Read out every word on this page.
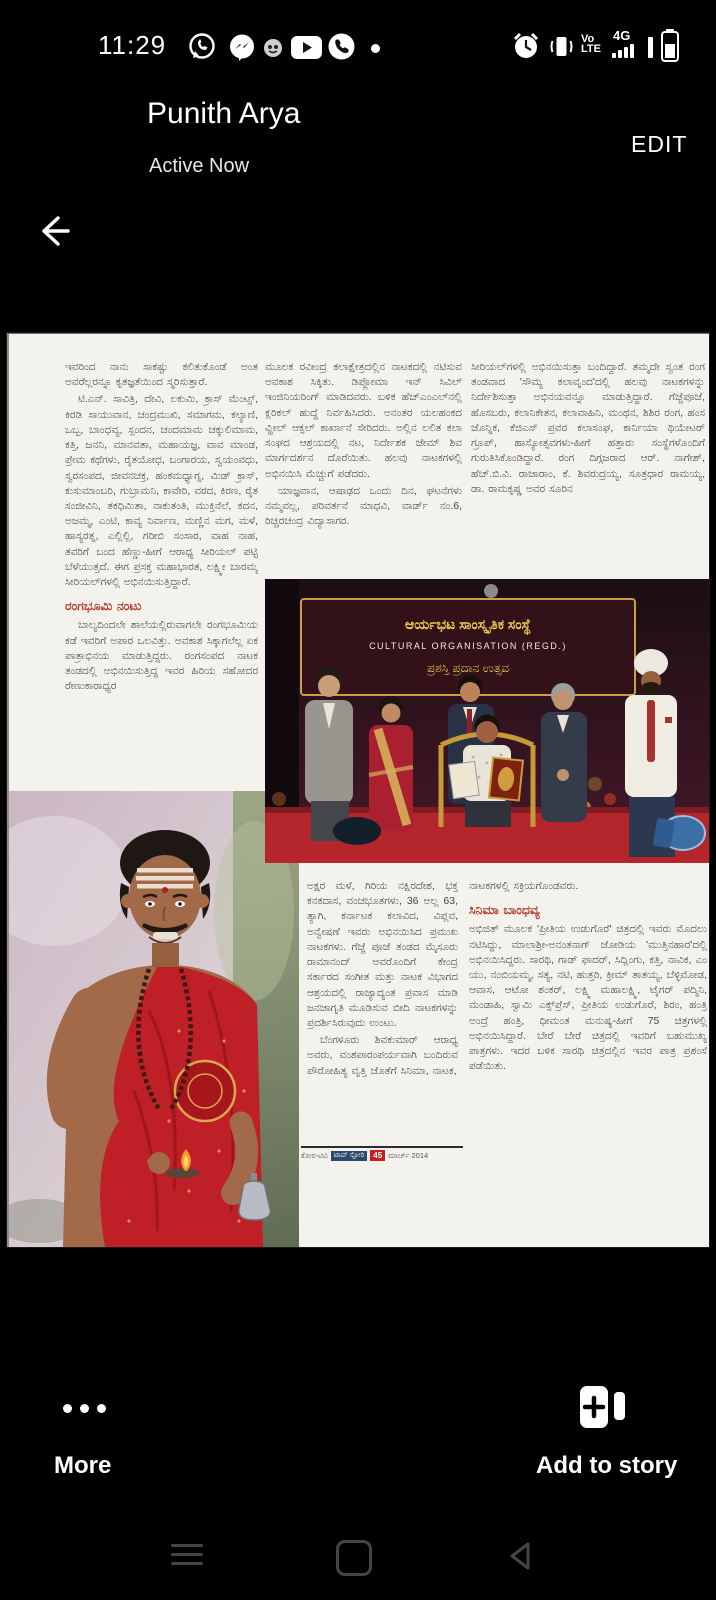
11:29	Vo
LTE
4G
Punith Arya
Active Now
EDIT

ಇವರಿಂದ ನಾನು ಸಾಕಷ್ಟು ಕಲಿತುಕೊಂಡೆ ಅಂತ ಅವರೆಲ್ಲರನ್ನೂ ಕೃತಜ್ಞತೆಯಿಂದ ಸ್ಮರಿಸುತ್ತಾರೆ.

ಟಿ.ಎನ್. ಸಾವಿತ್ರಿ, ದೇವಿ, ಲಕುಮಿ, ಕ್ರಾಸ್ ಮೆಂಟ್ಸ್, ಕಿರಡಿ ಸಾಯುವಾನ, ಚಂದ್ರಮುಖಿ, ಸಮಾಗಮ, ಕಲ್ಯಾಣಿ, ಒಬ್ಬ, ಬಾಂಧವ್ಯ, ಸ್ಪಂದನ, ಚಂದಮಾಮ ಚಕ್ಕುಲಿಮಾಮ, ಕತ್ತಿ, ಜನನಿ, ಮಾನವತಾ, ಮಹಾಯಜ್ಞ, ವಾವ ಮಾಂಡ, ಪ್ರೇಮ ಕಥೆಗಳು, ರೈತಯೋಧ, ಬಂಗಾರಯ, ಸ್ವಯಂವಧು, ಸ್ವರಸಂಪದ, ಜೀವನಚಕ್ರ, ಹಂಕಮಧ್ಯಾಗ್ನ, ಮಿಡ್ ಕ್ರಾಸ್, ಕುಸುಮಾಂಬರಿ, ಗುಬ್ರಾಮನಿ, ಕಾವೇರಿ, ವರದ, ಕಿರಣ, ರೈತ ಸಂಜೀವಿನಿ, ತಕಧಿಮಿತಾ, ನಾಕುತಂತಿ, ಮುಕ್ತಿನೆಲೆ, ಕದನ, ಅಜಮ್ಮ, ಎಂಟಿ, ಕಾವ್ಯ ನಿರ್ವಾಣ, ಮಣ್ಣಿನ ಮಗ, ಮಳೆ, ಹಾಸ್ಯರತ್ನ, ಎಲ್ಲಿಲ್ಲಿ, ಗರೀಬಿ ಸಂಸಾರ, ವಾಹ ನಾಹ, ತವರಿಗೆ ಬಂದ ಹೆಣ್ಣು-ಹೀಗೆ ಆರಾಧ್ಯ ಸೀರಿಯಲ್ ಪಟ್ಟಿ ಬೆಳೆಯುತ್ತದೆ. ಈಗ ಪ್ರಸಕ್ತ ಮಹಾಭಾರತ, ಲಕ್ಷ್ಮೀ ಬಾರಮ್ಮ ಸೀರಿಯಲ್‌ಗಳಲ್ಲಿ ಅಭಿನಯಿಸುತ್ತಿದ್ದಾರೆ.

ರಂಗಭೂಮಿ ನಂಟು

ಬಾಲ್ಯದಿಂದಲೇ ಶಾಲೆಯಲ್ಲಿರುವಾಗಲೇ ರಂಗಭೂಮಿಯ ಕಡೆ ಇವರಿಗೆ ಅಪಾರ ಒಲವಿತ್ತು. ಅವಕಾಶ ಸಿಕ್ಕಾಗಲೆಲ್ಲ ಏಕ ಪಾತ್ರಾಭಿನಯ ಮಾಡುತ್ತಿದ್ದರು. ರಂಗಸಂಪದ ನಾಟಕ ತಂಡದಲ್ಲಿ ಅಭಿನಯಿಸುತ್ತಿದ್ದ ಇವರ ಹಿರಿಯ ಸಹೋದರ ರೇಣುಕಾರಾಧ್ಯರ

ಮೂಲಕ ರವೀಂದ್ರ ಕಲಾಕ್ಷೇತ್ರದಲ್ಲಿನ ನಾಟಕದಲ್ಲಿ ನಟಿಸುವ ಅವಕಾಶ ಸಿಕ್ಕಿತು. ಡಿಪ್ಲೋಮಾ ಇನ್ ಸಿವಿಲ್ ಇಂಜಿನಿಯರಿಂಗ್ ಮಾಡಿದವರು. ಬಳಿಕ ಹೆಚ್‌ಎಂಎಲ್‌ನಲ್ಲಿ ಕ್ಲರಿಕಲ್ ಹುದ್ದೆ ನಿರ್ವಹಿಸಿದರು. ಅನಂತರ ಯಲಹಂಕದ ವ್ಹೀಲ್ ಆಕ್ಸಲ್ ಕಾರ್ಖಾನೆ ಸೇರಿದರು. ಅಲ್ಲಿನ ಲಲಿತ ಕಲಾ ಸಂಘದ ಆಶ್ರಯದಲ್ಲಿ ನಟ, ನಿರ್ದೇಶಕ ಜೇಮ್ ಶಿವ ಮಾರ್ಗದರ್ಶನ ದೊರೆಯಿತು. ಹಲವು ನಾಟಕಗಳಲ್ಲಿ ಅಭಿನಯಿಸಿ ಮೆಚ್ಚುಗೆ ಪಡೆದರು.

ಯಾಜ್ಞವಾನ, ಆಷಾಢದ ಒಂದು ದಿನ, ಘಟನೆಗಳು ನಮ್ಮವಲ್ಲ, ಪರಿವರ್ತನೆ ಮಾಧವಿ, ವಾರ್ಡ್ ನಂ.6, ರಿಚ್ಚರಚಂದ್ರ ವಿದ್ಯಾಸಾಗರ.

ಸೀರಿಯಲ್‌ಗಳಲ್ಲಿ ಅಭಿನಯಿಸುತ್ತಾ ಬಂದಿದ್ದಾರೆ. ತಮ್ಮದೇ ಸ್ವಂತ ರಂಗ ತಂಡವಾದ 'ಸೌಮ್ಯ ಕಲಾವೃಂದ'ದಲ್ಲಿ ಹಲವು ನಾಟಕಗಳನ್ನು ನಿರ್ದೇಶಿಸುತ್ತಾ ಅಭಿನಯವನ್ನೂ ಮಾಡುತ್ತಿದ್ದಾರೆ. ಗೆಜ್ಜೆಪೂಜೆ, ಹೊಸಬರು, ಕಲಾನಿಕೇತನ, ಕಲಾವಾಹಿನಿ, ಮಂಥನ, ಶಿಶಿರ ರಂಗ, ಹಂಸ ಜೊನ್ನಿಕ, ಕೆಜಿಎಸ್ ಪ್ರವರ ಕಲಾಸಂಘ, ಕಾರ್ನಿಯಾ ಥಿಯೇಟರ್ ಗ್ರೂಪ್, ಹಾಸ್ಯೋತ್ಸವಗಳು-ಹೀಗೆ ಹತ್ತಾರು ಸಂಸ್ಥೆಗಳೊಂದಿಗೆ ಗುರುತಿಸಿಕೊಂಡಿದ್ದಾರೆ. ರಂಗ ದಿಗ್ಗಜರಾದ ಆರ್. ನಾಗೇಶ್, ಹೆಚ್.ಬಿ.ವಿ. ರಾಜಾರಾಂ, ಕೆ. ಶಿವರುದ್ರಯ್ಯ, ಸೂತ್ರಧಾರ ರಾಮಯ್ಯ, ಡಾ. ರಾಮಕೃಷ್ಣ ಅವರ ಸೂರಿನ

ಆರ್ಯಭಟ ಸಾಂಸ್ಕೃತಿಕ ಸಂಸ್ಥೆ
CULTURAL ORGANISATION (REGD.)
ಪ್ರಶಸ್ತಿ ಪ್ರದಾನ ಉತ್ಸವ

ಅಕ್ಷರ ಮಳೆ, ಗಿರಿಯ ನಕ್ಷಿರದೇಶ, ಭಕ್ತ ಕನಕದಾಸ, ವಂಚಭೂತಗಳು, 36 ಅಲ್ಲ 63, ತ್ಯಾಗಿ, ಕರ್ನಾಟಕ ಕಲಾವಿದ, ವಿಪ್ಲವ, ಅನ್ವೇಷಣೆ ಇವರು ಅಭಿನಯಿಸಿದ ಪ್ರಮುಖ ನಾಟಕಗಳು. ಗೆಜ್ಜೆ ಪೂಜೆ ತಂಡದ ಮೈಸೂರು ರಾಮಾನಂದ್ ಅವರೊಂದಿಗೆ ಕೇಂದ್ರ ಸರ್ಕಾರದ ಸಂಗೀತ ಮತ್ತು ನಾಟಕ ವಿಭಾಗದ ಆಶ್ರಯದಲ್ಲಿ ರಾಜ್ಯಾದ್ಯಂತ ಪ್ರವಾಸ ಮಾಡಿ ಜನಜಾಗೃತಿ ಮೂಡಿಸುವ ಬೀದಿ ನಾಟಕಗಳನ್ನು ಪ್ರದರ್ಶಿಸಿರುವುದು ಉಂಟು.

ಬೆಂಗಳೂರು ಶಿವಕುಮಾರ್ ಆರಾಧ್ಯ ಅವರು, ವಂಶಪಾರಂಪರ್ಯವಾಗಿ ಬಂದಿರುವ ಪೌರೋಹಿತ್ಯ ವೃತ್ತಿ ಜೊತೆಗೆ ಸಿನಿಮಾ, ನಾಟಕ,

ನಾಟಕಗಳಲ್ಲಿ ಸಕ್ರಿಯಗೊಂಡವರು.

ಸಿನಿಮಾ ಬಾಂಧವ್ಯ

ಅಭಿಜಿತ್ ಮೂಲಕ 'ಪ್ರೀತಿಯ ಉಡುಗೊರೆ' ಚಿತ್ರದಲ್ಲಿ ಇವರು ಮೊದಲು ನಟಿಸಿದ್ದು, ಮಾಲಾಶ್ರೀ-ಅನಂತನಾಗ್ ಜೋಡಿಯ 'ಮುತ್ತಿನಹಾರ'ದಲ್ಲಿ ಅಭಿನಯಿಸಿದ್ದರು. ಸಾರಥಿ, ಗಾಡ್ ಫಾದರ್, ಸಿದ್ಲಿಂಗು, ಕತ್ತಿ, ನಾವಿಕ, ಎಂ ಯು, ನಂಬಿಯಮ್ಮ, ಸತ್ಯ, ನಟಿ, ಹುತ್ತರಿ, ಕ್ರೀಮ್ ತಾತಯ್ಯ, ಬೆಳ್ಳಿಮೋಡ, ಆವಾಸ, ಆಟೋ ಶಂಕರ್, ಲಕ್ಷ್ಮಿ ಮಹಾಲಕ್ಷ್ಮಿ, ಟೈಗರ್ ಪದ್ಮಿನಿ, ಮಂಡಾಹಿ, ಸ್ವಾಮಿ ಎಕ್ಸ್‌ಪ್ರೆಸ್, ಪ್ರೀತಿಯ ಉಡುಗೊರೆ, ಶಿರಂ, ಹಂತ್ರಿ ಅಂದ್ರೆ ಹಂತ್ರಿ, ಧೀಮಂತ ಮನುಷ್ಯ-ಹೀಗೆ 75 ಚಿತ್ರಗಳಲ್ಲಿ ಅಭಿನಯಿಸಿದ್ದಾರೆ. ಬೇರೆ ಬೇರೆ ಚಿತ್ರದಲ್ಲಿ ಇವರಿಗೆ ಬಹುಮುಖ್ಯ ಪಾತ್ರಗಳು. ಇದರ ಬಳಿಕ ಸಾರಥಿ ಚಿತ್ರದಲ್ಲಿನ ಇವರ ಪಾತ್ರ ಪ್ರಶಂಸೆ ಪಡೆಯಿತು.

ಕೋರ-ಟಿವಿ ಟಾಪ್ ಸ್ಟೋರಿ	45 ಮಾರ್ಚ್ 2014
More	Add to story
